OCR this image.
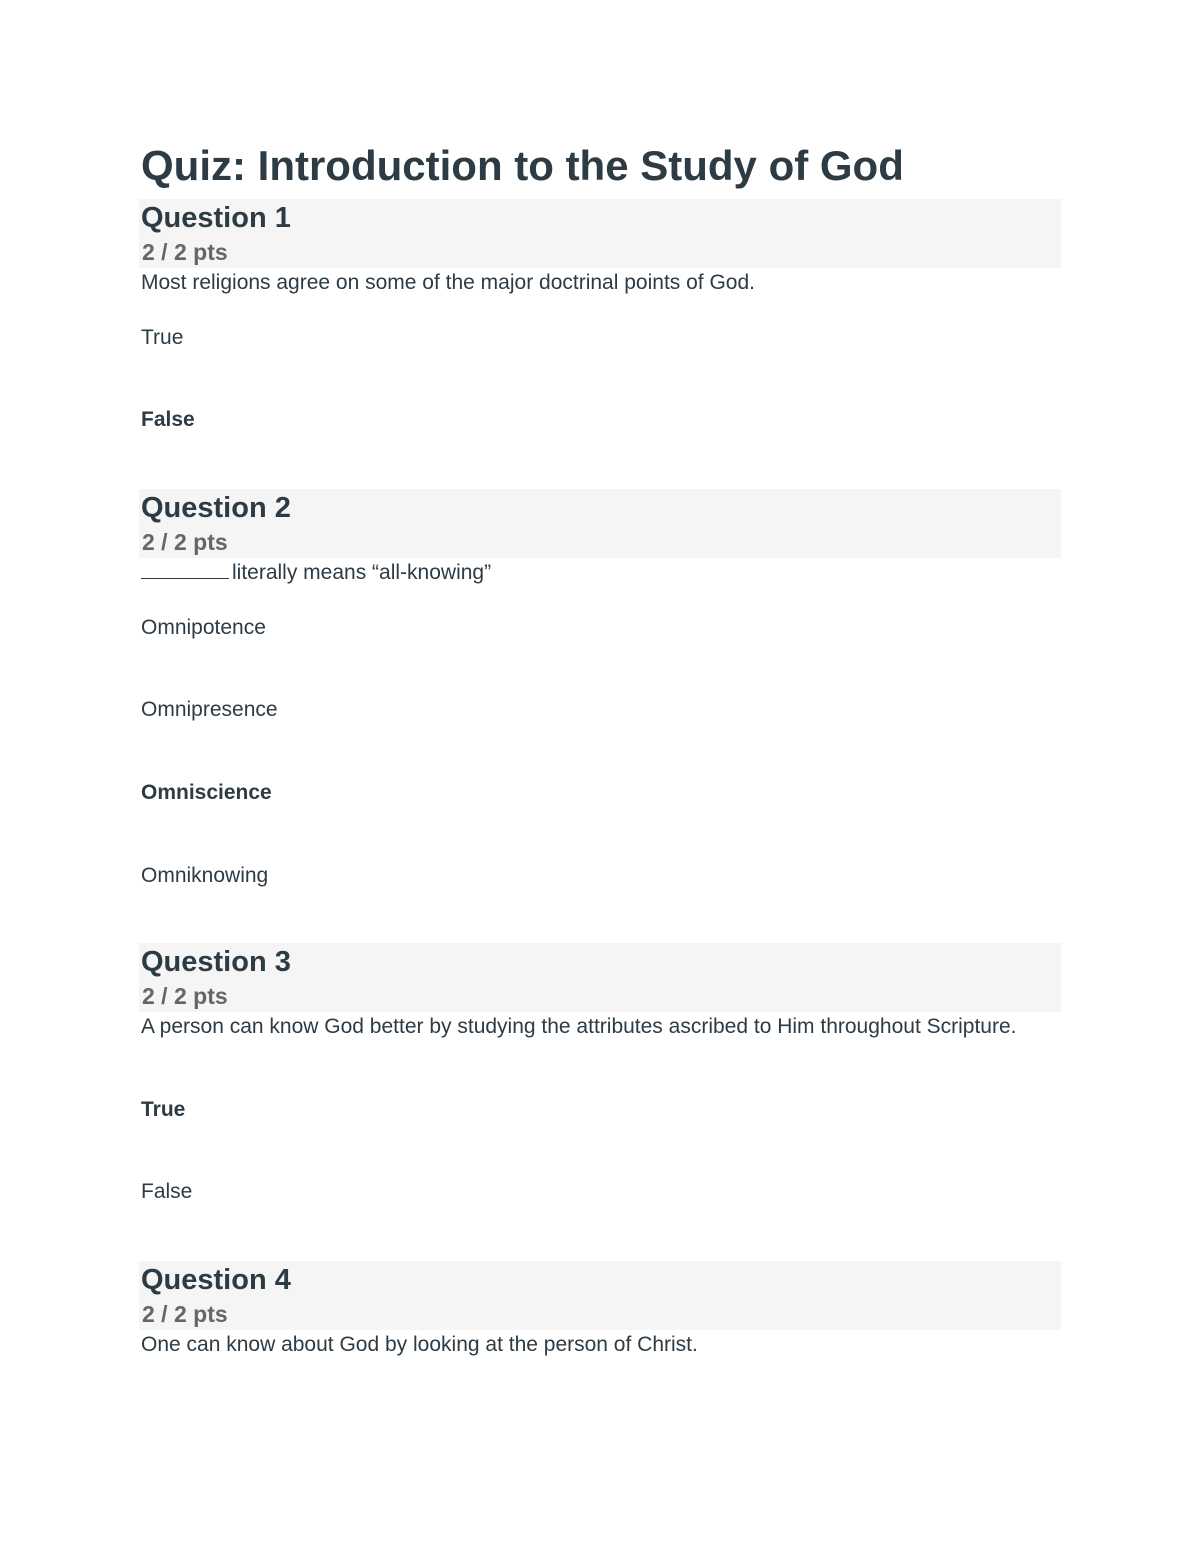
Quiz: Introduction to the Study of God
Question 1
2 / 2 pts
Most religions agree on some of the major doctrinal points of God.
True
False
Question 2
2 / 2 pts
literally means “all-knowing”
Omnipotence
Omnipresence
Omniscience
Omniknowing
Question 3
2 / 2 pts
A person can know God better by studying the attributes ascribed to Him throughout Scripture.
True
False
Question 4
2 / 2 pts
One can know about God by looking at the person of Christ.
